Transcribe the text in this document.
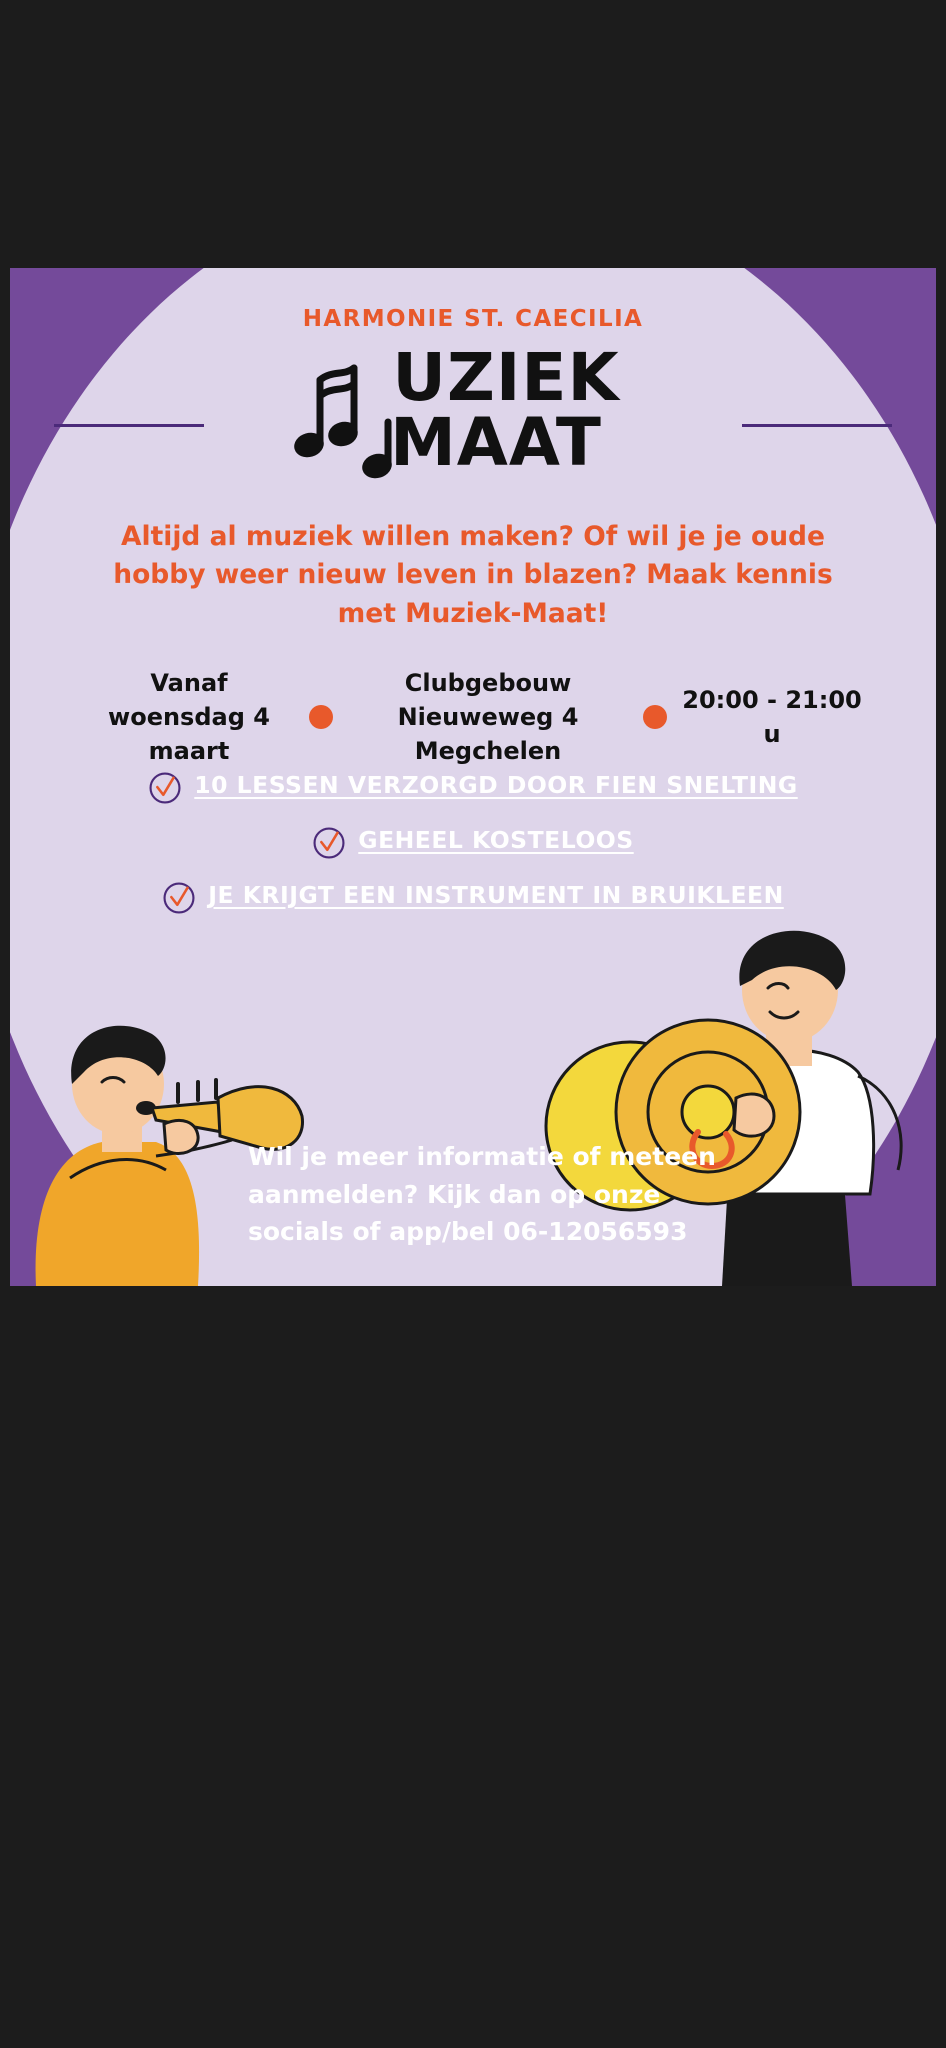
HARMONIE ST. CAECILIA
UZIEK
MAAT
Altijd al muziek willen maken? Of wil je je oude hobby weer nieuw leven in blazen? Maak kennis met Muziek-Maat!
Vanaf woensdag 4 maart
Clubgebouw Nieuweweg 4 Megchelen
20:00 - 21:00 u
10 LESSEN VERZORGD DOOR FIEN SNELTING
GEHEEL KOSTELOOS
JE KRIJGT EEN INSTRUMENT IN BRUIKLEEN
Wil je meer informatie of meteen aanmelden? Kijk dan op onze socials of app/bel 06-12056593
